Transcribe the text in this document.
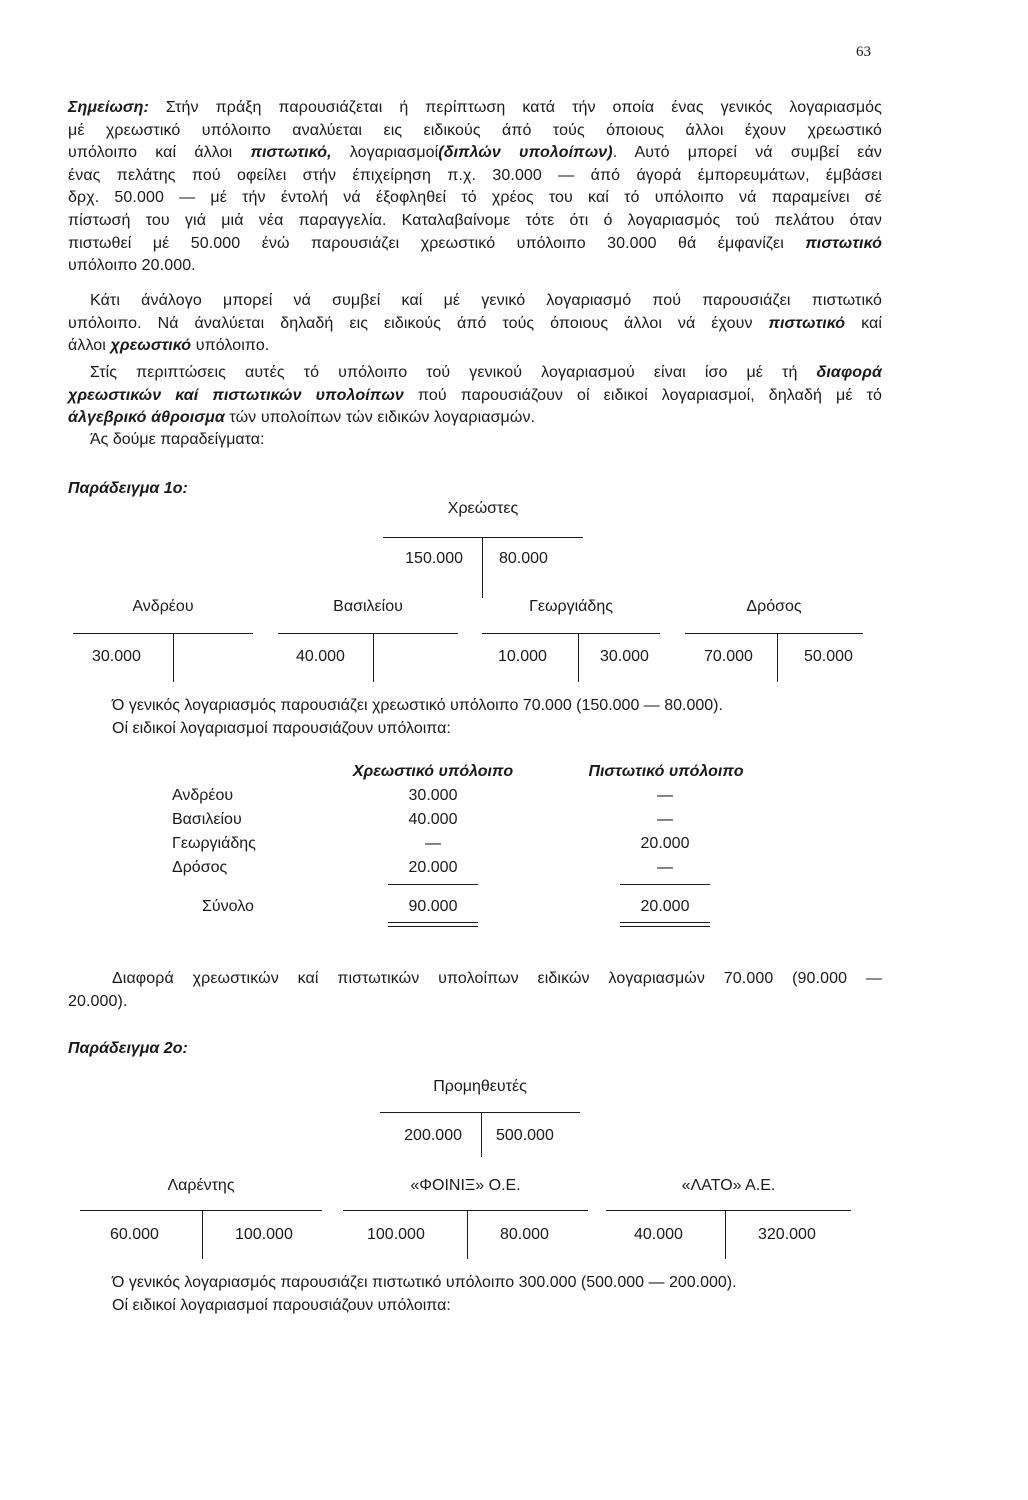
63
Σημείωση: Στήν πράξη παρουσιάζεται ή περίπτωση κατά τήν οποία ένας γενικός λογαριασμός
μέ χρεωστικό υπόλοιπο αναλύεται εις ειδικούς άπό τούς όποιους άλλοι έχουν χρεωστικό
υπόλοιπο καί άλλοι πιστωτικό, λογαριασμοί(διπλών υπολοίπων). Αυτό μπορεί νά συμβεί εάν
ένας πελάτης πού οφείλει στήν έπιχείρηση π.χ. 30.000 — άπό άγορά έμπορευμάτων, έμβάσει
δρχ. 50.000 — μέ τήν έντολή νά έξοφληθεί τό χρέος του καί τό υπόλοιπο νά παραμείνει σέ
πίστωσή του γιά μιά νέα παραγγελία. Καταλαβαίνομε τότε ότι ό λογαριασμός τού πελάτου όταν
πιστωθεί μέ 50.000 ένώ παρουσιάζει χρεωστικό υπόλοιπο 30.000 θά έμφανίζει πιστωτικό
υπόλοιπο 20.000.
Κάτι άνάλογο μπορεί νά συμβεί καί μέ γενικό λογαριασμό πού παρουσιάζει πιστωτικό
υπόλοιπο. Νά άναλύεται δηλαδή εις ειδικούς άπό τούς όποιους άλλοι νά έχουν πιστωτικό καί
άλλοι χρεωστικό υπόλοιπο.
Στίς περιπτώσεις αυτές τό υπόλοιπο τού γενικού λογαριασμού είναι ίσο μέ τή διαφορά
χρεωστικών καί πιστωτικών υπολοίπων πού παρουσιάζουν οί ειδικοί λογαριασμοί, δηλαδή μέ τό
άλγεβρικό άθροισμα τών υπολοίπων τών ειδικών λογαριασμών.
Άς δούμε παραδείγματα:
Παράδειγμα 1ο:
Χρεώστες
150.000 80.000
Ανδρέου
30.000
Βασιλείου
40.000
Γεωργιάδης
10.000	30.000
Δρόσος
70.000	50.000
Ό γενικός λογαριασμός παρουσιάζει χρεωστικό υπόλοιπο 70.000 (150.000 — 80.000).
Οί ειδικοί λογαριασμοί παρουσιάζουν υπόλοιπα:
Χρεωστικό υπόλοιπο	Πιστωτικό υπόλοιπο
Ανδρέου	30.000	—
Βασιλείου	40.000	—
Γεωργιάδης	—	20.000
Δρόσος	20.000	—
Σύνολο	90.000	20.000
Διαφορά χρεωστικών καί πιστωτικών υπολοίπων ειδικών λογαριασμών 70.000 (90.000 —
20.000).
Παράδειγμα 2ο:
Προμηθευτές
200.000 500.000
Λαρέντης
60.000	100.000
«ΦΟΙΝΙΞ» Ο.Ε.
100.000	80.000
«ΛΑΤΟ» Α.Ε.
40.000	320.000
Ό γενικός λογαριασμός παρουσιάζει πιστωτικό υπόλοιπο 300.000 (500.000 — 200.000).
Οί ειδικοί λογαριασμοί παρουσιάζουν υπόλοιπα:
